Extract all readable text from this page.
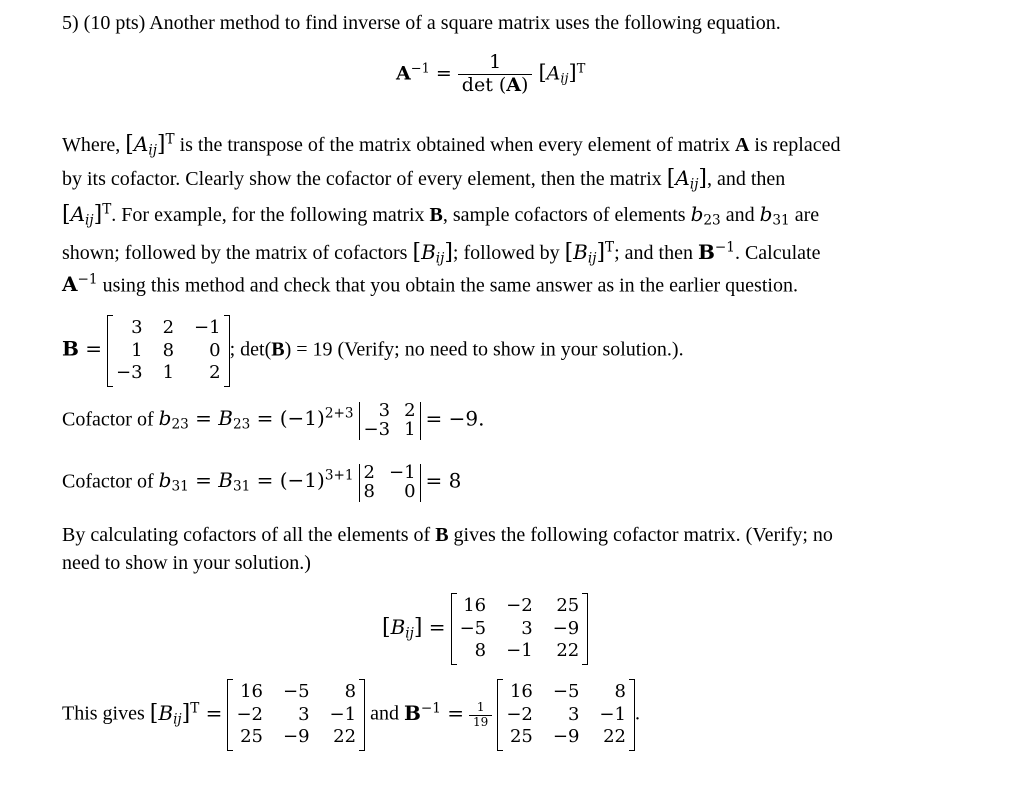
5) (10 pts) Another method to find inverse of a square matrix uses the following equation.
$A^{-1} = \frac{1}{\det (A)} [A_{ij}]^T$
Where, $[A_{ij}]^T$ is the transpose of the matrix obtained when every element of matrix A is replaced
by its cofactor. Clearly show the cofactor of every element, then the matrix $[A_{ij}]$, and then
$[A_{ij}]^T$. For example, for the following matrix B, sample cofactors of elements $b_{23}$ and $b_{31}$ are
shown; followed by the matrix of cofactors $[B_{ij}]$; followed by $[B_{ij}]^T$; and then $B^{-1}$. Calculate
$A^{-1}$ using this method and check that you obtain the same answer as in the earlier question.
B =
3 2 −1
1 8	0
−3 1	2
; det(B) = 19 (Verify; no need to show in your solution.).
Cofactor of $b_{23} = B_{23} = (-1)^{2+3}$	3 2
−3 1 = −9.
Cofactor of $b_{31} = B_{31} = (-1)^{3+1}$ 2 −1
8	0 = 8
By calculating cofactors of all the elements of B gives the following cofactor matrix. (Verify; no
need to show in your solution.)
$[B_{ij}]$ =
16 −2 25
−5	3 −9
8 −1 22
This gives $[B_{ij}]^T$ =
16 −5	8
−2	3 −1
25 −9 22
and $B^{-1} = \frac{1}{19}$

16 −5	8
−2	3 −1
25 −9 22
.
